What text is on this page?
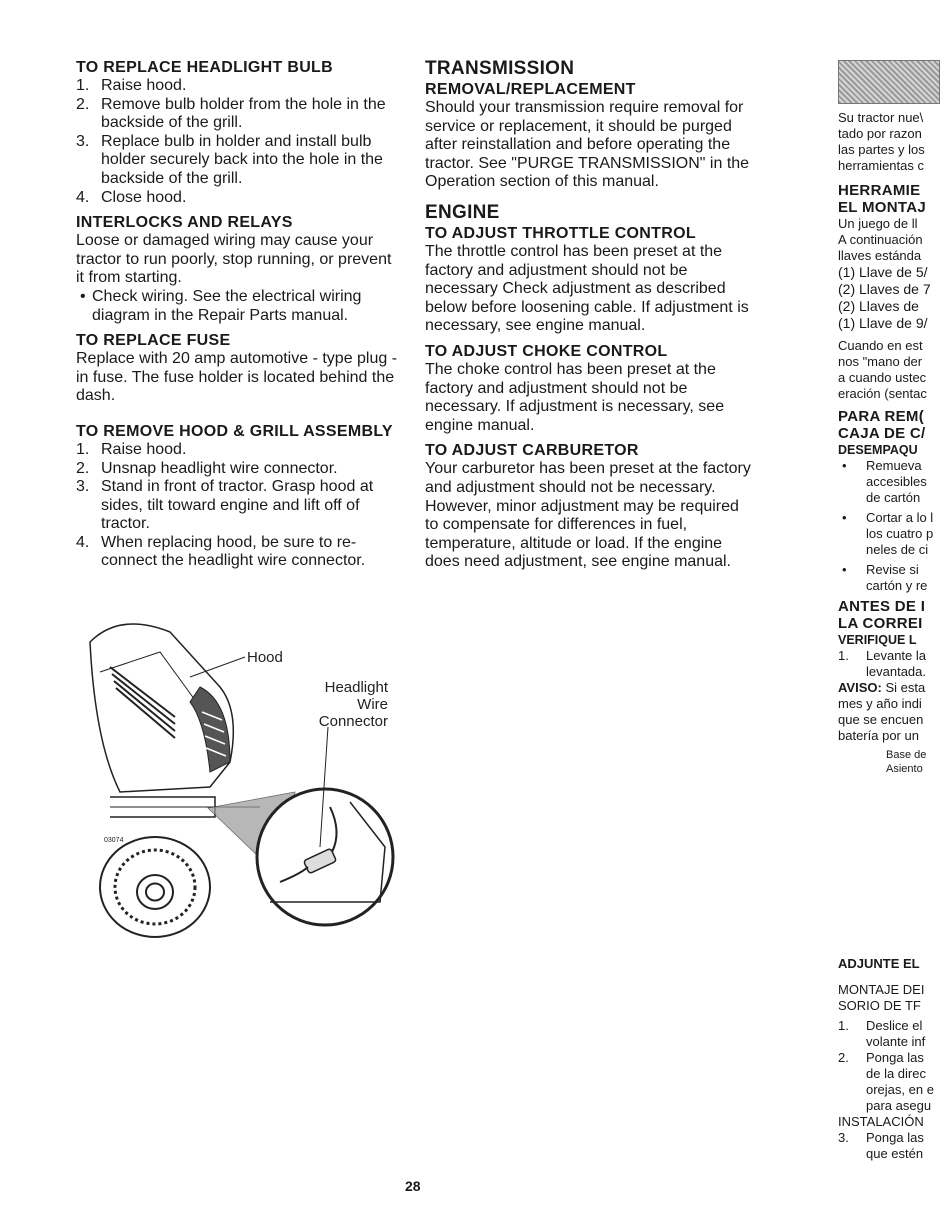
TO REPLACE HEADLIGHT BULB
1. Raise hood.
2. Remove bulb holder from the hole in the backside of the grill.
3. Replace bulb in holder and install bulb holder securely back into the hole in the backside of the grill.
4. Close hood.
INTERLOCKS AND RELAYS

Loose or damaged wiring may cause your tractor to run poorly, stop running, or prevent it from starting.

• Check wiring. See the electrical wiring diagram in the Repair Parts manual.
TO REPLACE FUSE

Replace with 20 amp automotive - type plug - in fuse. The fuse holder is located behind the dash.

TO REMOVE HOOD & GRILL ASSEMBLY
1. Raise hood.
2. Unsnap headlight wire connector.
3. Stand in front of tractor. Grasp hood at sides, tilt toward engine and lift off of tractor.
4. When replacing hood, be sure to re-connect the headlight wire connector.
Hood
Headlight
Wire
Connector
03074
TRANSMISSION
REMOVAL/REPLACEMENT

Should your transmission require removal for service or replacement, it should be purged after reinstallation and before operating the tractor. See "PURGE TRANSMISSION" in the Operation section of this manual.

ENGINE
TO ADJUST THROTTLE CONTROL

The throttle control has been preset at the factory and adjustment should not be necessary Check adjustment as described below before loosening cable. If adjustment is necessary, see engine manual.

TO ADJUST CHOKE CONTROL

The choke control has been preset at the factory and adjustment should not be necessary. If adjustment is necessary, see engine manual.

TO ADJUST CARBURETOR

Your carburetor has been preset at the factory and adjustment should not be necessary. However, minor adjustment may be required to compensate for differences in fuel, temperature, altitude or load. If the engine does need adjustment, see engine manual.

Su tractor nue\
tado por razon
las partes y los
herramientas c
HERRAMIE
EL MONTAJ
Un juego de ll
A continuación
llaves estánda
(1) Llave de 5/
(2) Llaves de 7
(2) Llaves de
(1) Llave de 9/
Cuando en est
nos "mano der
a cuando ustec
eración (sentac
PARA REM(
CAJA DE C/
DESEMPAQU
• Remueva
accesibles
de cartón
• Cortar a lo l
los cuatro p
neles de ci
• Revise si
cartón y re
ANTES DE I
LA CORREI
VERIFIQUE L
1. Levante la
levantada.
AVISO: Si esta
mes y año indi
que se encuen
batería por un
Base de
Asiento
ADJUNTE EL
MONTAJE DEI
SORIO DE TF
1. Deslice el
volante inf
2. Ponga las
de la direc
orejas, en e
para asegu
INSTALACIÓN
3. Ponga las
que estén
28
